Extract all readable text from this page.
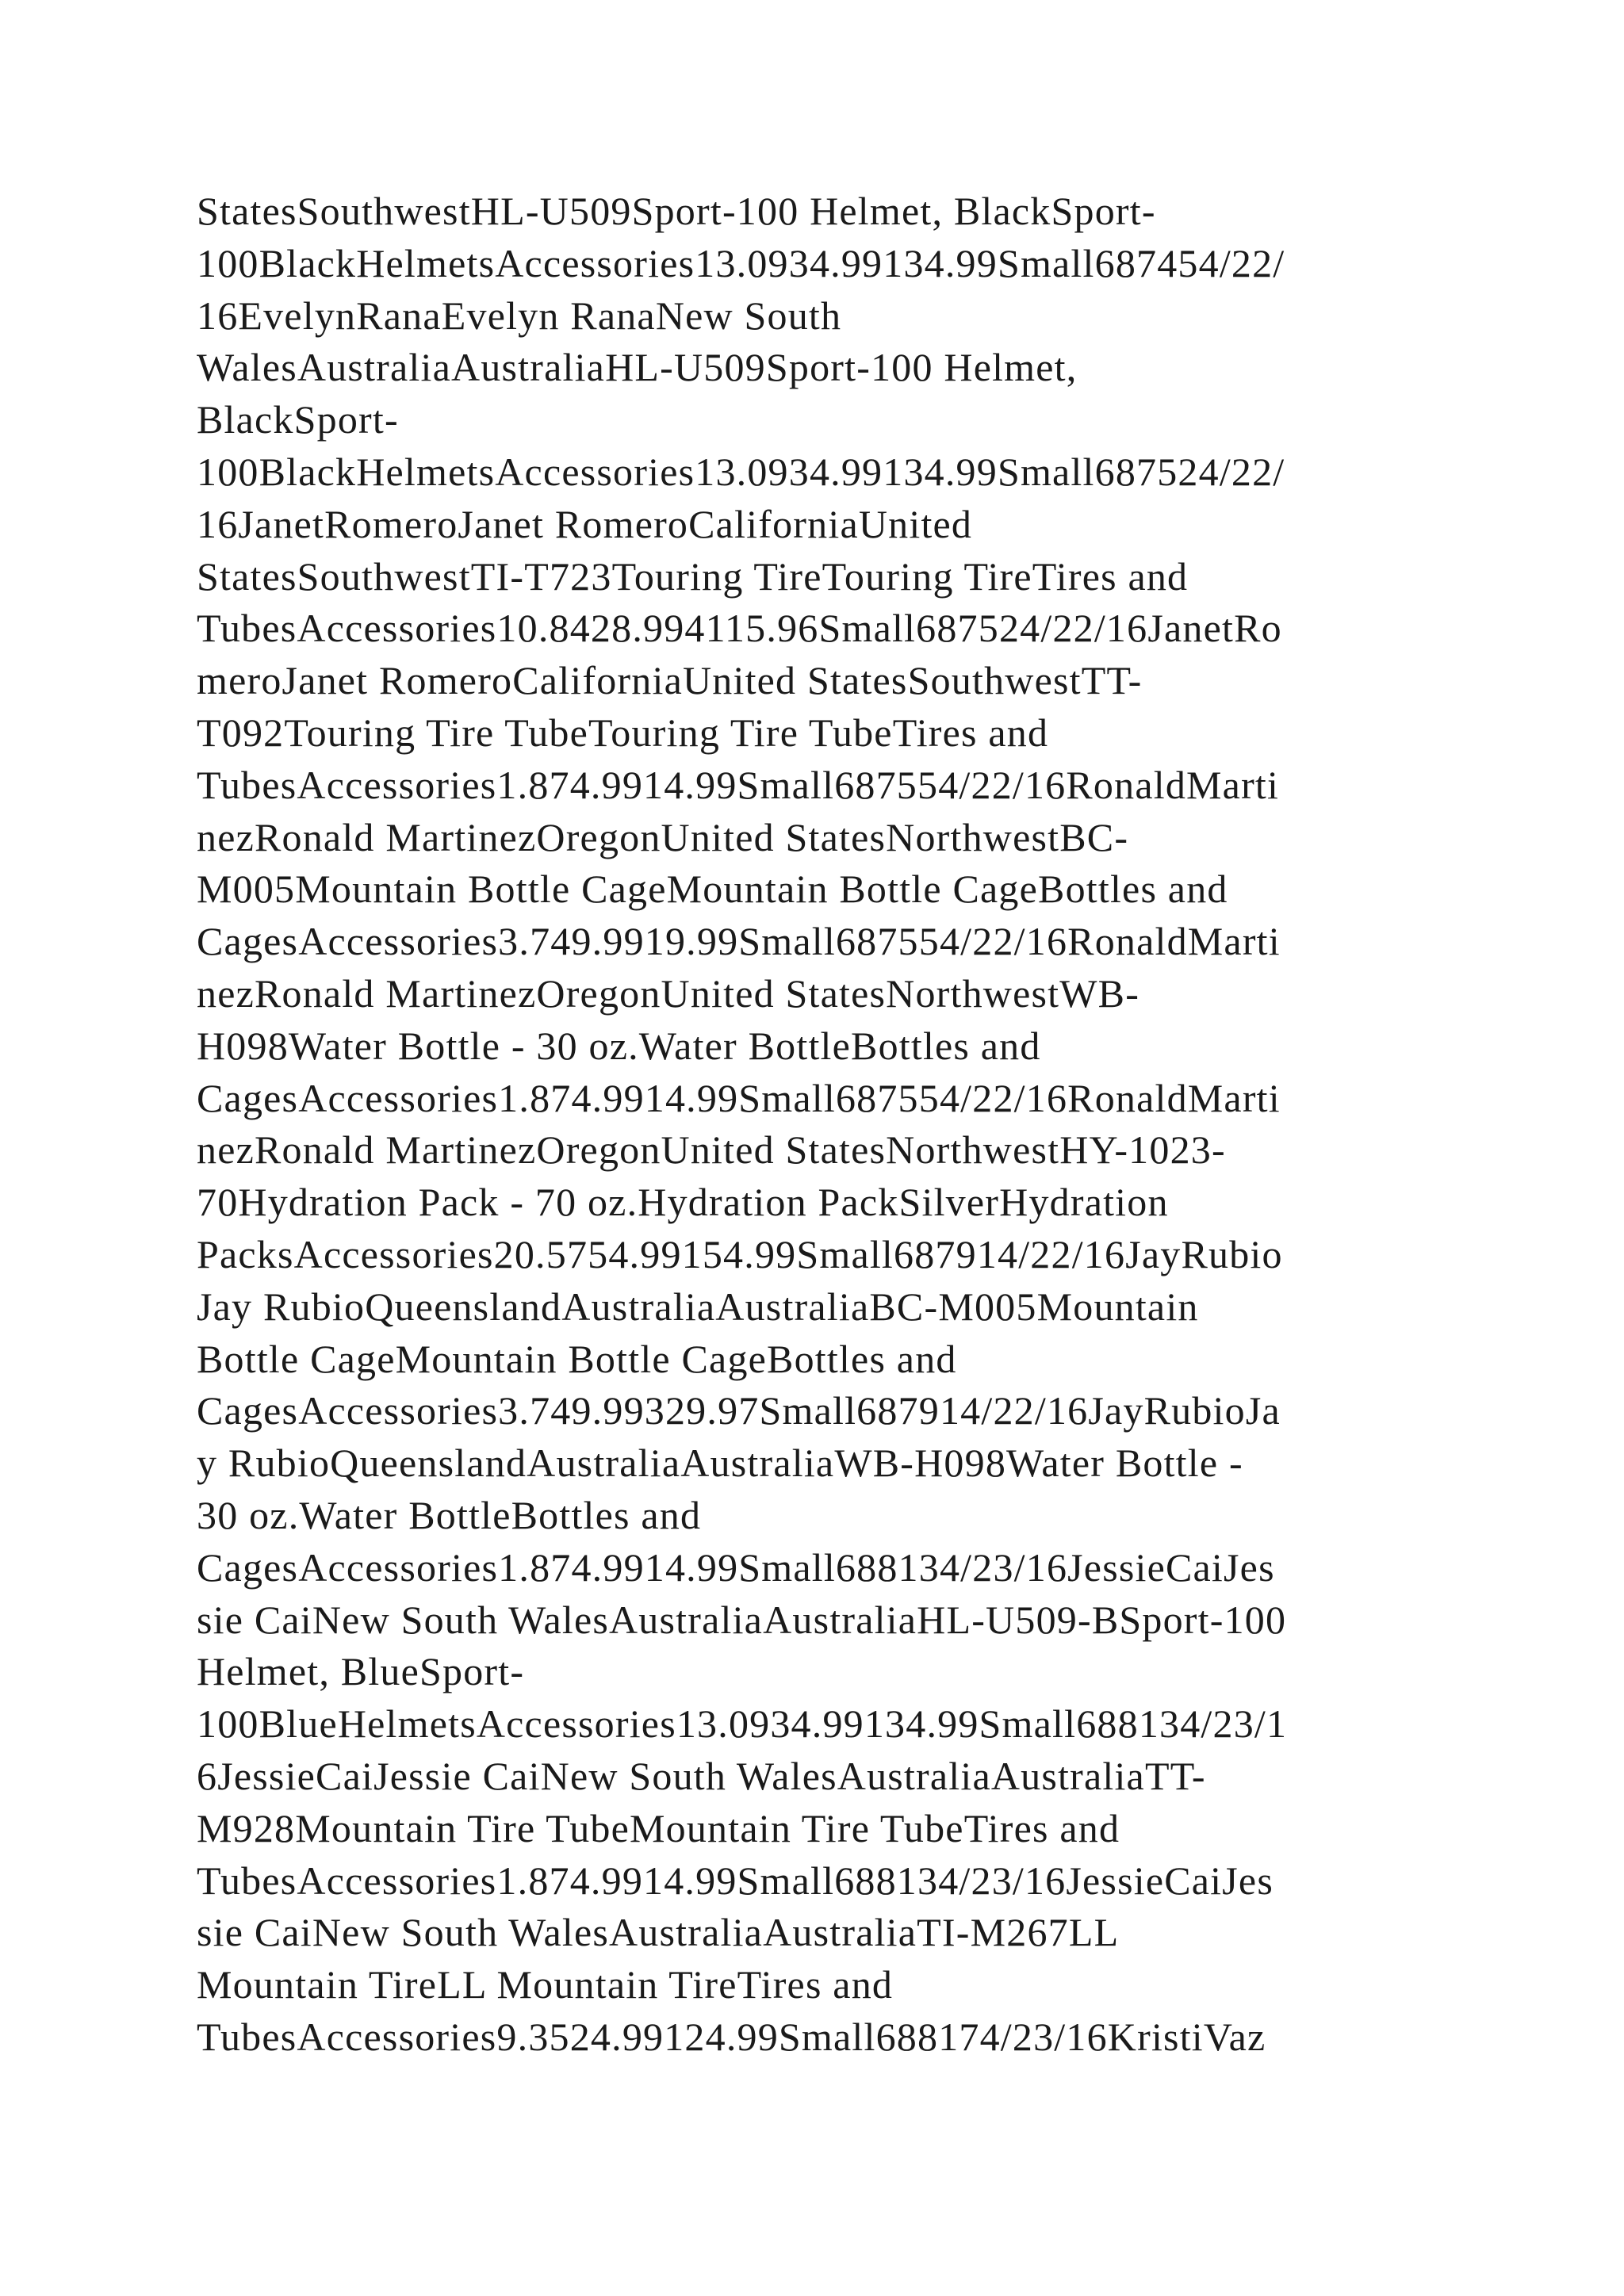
StatesSouthwestHL-U509Sport-100 Helmet, BlackSport-
100BlackHelmetsAccessories13.0934.99134.99Small687454/22/
16EvelynRanaEvelyn RanaNew South
WalesAustraliaAustraliaHL-U509Sport-100 Helmet,
BlackSport-
100BlackHelmetsAccessories13.0934.99134.99Small687524/22/
16JanetRomeroJanet RomeroCaliforniaUnited
StatesSouthwestTI-T723Touring TireTouring TireTires and
TubesAccessories10.8428.994115.96Small687524/22/16JanetRo
meroJanet RomeroCaliforniaUnited StatesSouthwestTT-
T092Touring Tire TubeTouring Tire TubeTires and
TubesAccessories1.874.9914.99Small687554/22/16RonaldMarti
nezRonald MartinezOregonUnited StatesNorthwestBC-
M005Mountain Bottle CageMountain Bottle CageBottles and
CagesAccessories3.749.9919.99Small687554/22/16RonaldMarti
nezRonald MartinezOregonUnited StatesNorthwestWB-
H098Water Bottle - 30 oz.Water BottleBottles and
CagesAccessories1.874.9914.99Small687554/22/16RonaldMarti
nezRonald MartinezOregonUnited StatesNorthwestHY-1023-
70Hydration Pack - 70 oz.Hydration PackSilverHydration
PacksAccessories20.5754.99154.99Small687914/22/16JayRubio
Jay RubioQueenslandAustraliaAustraliaBC-M005Mountain
Bottle CageMountain Bottle CageBottles and
CagesAccessories3.749.99329.97Small687914/22/16JayRubioJa
y RubioQueenslandAustraliaAustraliaWB-H098Water Bottle -
30 oz.Water BottleBottles and
CagesAccessories1.874.9914.99Small688134/23/16JessieCaiJes
sie CaiNew South WalesAustraliaAustraliaHL-U509-BSport-100
Helmet, BlueSport-
100BlueHelmetsAccessories13.0934.99134.99Small688134/23/1
6JessieCaiJessie CaiNew South WalesAustraliaAustraliaTT-
M928Mountain Tire TubeMountain Tire TubeTires and
TubesAccessories1.874.9914.99Small688134/23/16JessieCaiJes
sie CaiNew South WalesAustraliaAustraliaTI-M267LL
Mountain TireLL Mountain TireTires and
TubesAccessories9.3524.99124.99Small688174/23/16KristiVaz
